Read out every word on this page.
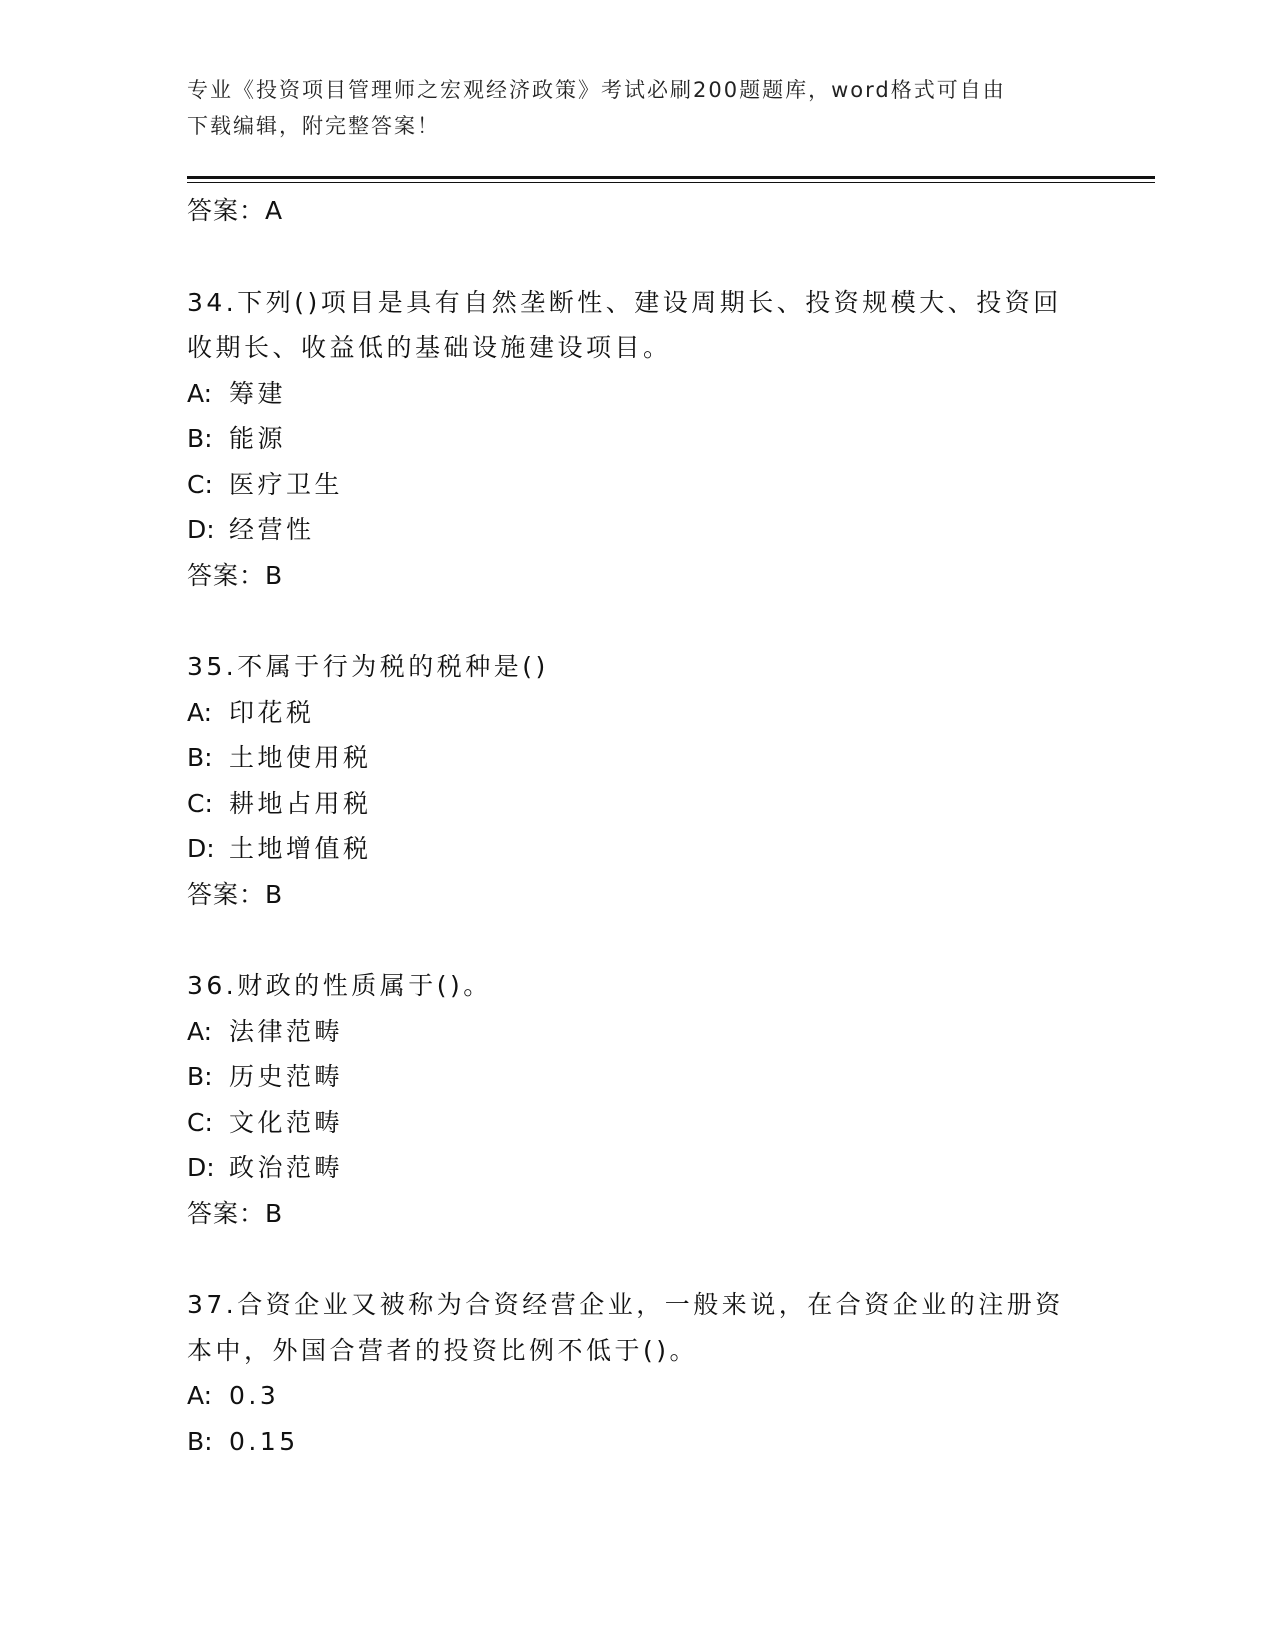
专业《投资项目管理师之宏观经济政策》考试必刷200题题库，word格式可自由
下载编辑，附完整答案！
答案：A
34.下列()项目是具有自然垄断性、建设周期长、投资规模大、投资回
收期长、收益低的基础设施建设项目。
A: 筹建
B: 能源
C: 医疗卫生
D: 经营性
答案：B
35.不属于行为税的税种是()
A: 印花税
B: 土地使用税
C: 耕地占用税
D: 土地增值税
答案：B
36.财政的性质属于()。
A: 法律范畴
B: 历史范畴
C: 文化范畴
D: 政治范畴
答案：B
37.合资企业又被称为合资经营企业，一般来说，在合资企业的注册资
本中，外国合营者的投资比例不低于()。
A: 0.3
B: 0.15
